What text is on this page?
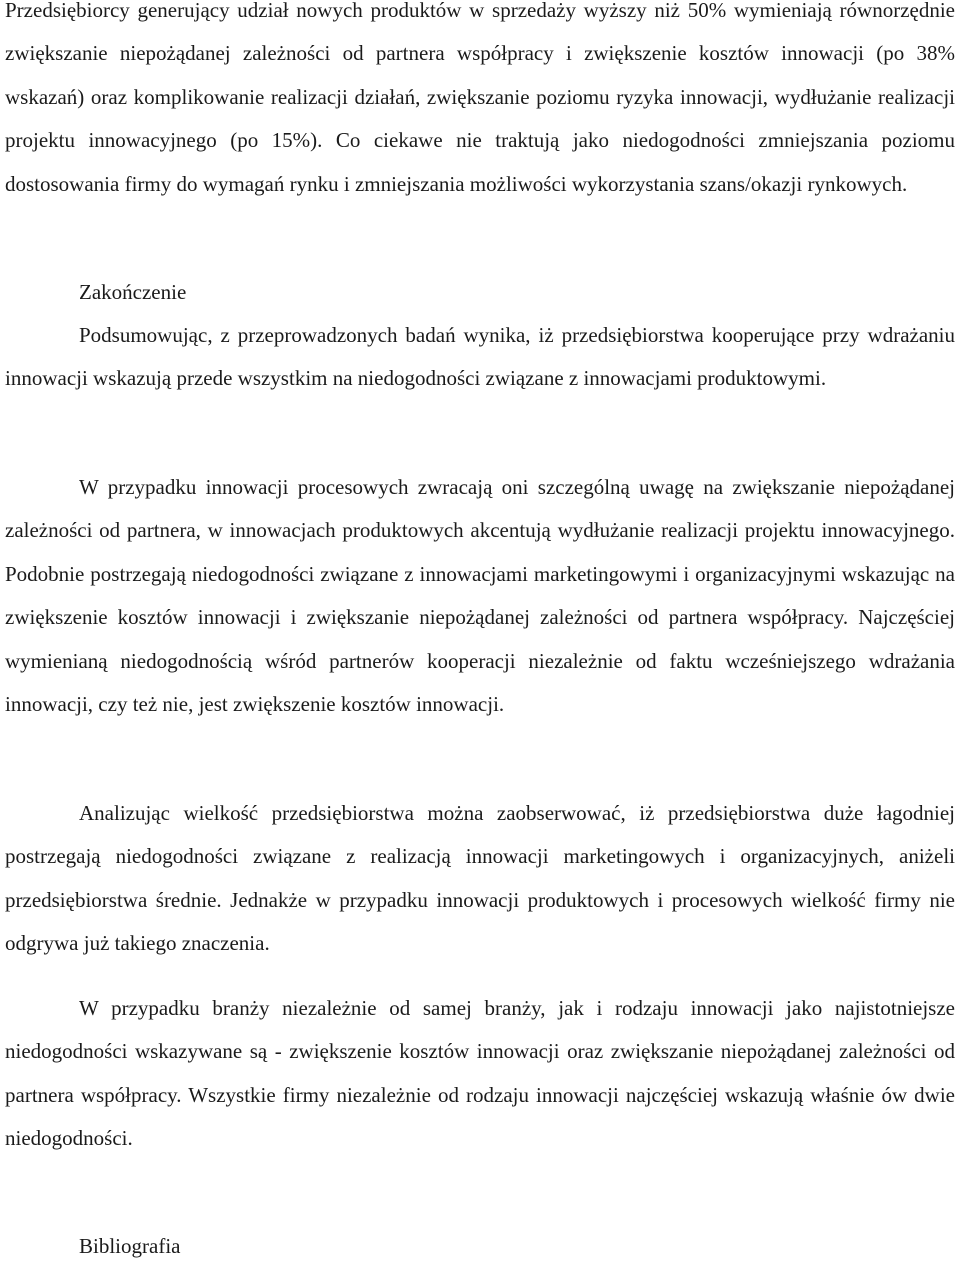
Przedsiębiorcy generujący udział nowych produktów w sprzedaży wyższy niż 50% wymieniają równorzędnie zwiększanie niepożądanej zależności od partnera współpracy i zwiększenie kosztów innowacji (po 38% wskazań) oraz komplikowanie realizacji działań, zwiększanie poziomu ryzyka innowacji, wydłużanie realizacji projektu innowacyjnego (po 15%). Co ciekawe nie traktują jako niedogodności zmniejszania poziomu dostosowania firmy do wymagań rynku i zmniejszania możliwości wykorzystania szans/okazji rynkowych.

Zakończenie

Podsumowując, z przeprowadzonych badań wynika, iż przedsiębiorstwa kooperujące przy wdrażaniu innowacji wskazują przede wszystkim na niedogodności związane z innowacjami produktowymi.

W przypadku innowacji procesowych zwracają oni szczególną uwagę na zwiększanie niepożądanej zależności od partnera, w innowacjach produktowych akcentują wydłużanie realizacji projektu innowacyjnego. Podobnie postrzegają niedogodności związane z innowacjami marketingowymi i organizacyjnymi wskazując na zwiększenie kosztów innowacji i zwiększanie niepożądanej zależności od partnera współpracy. Najczęściej wymienianą niedogodnością wśród partnerów kooperacji niezależnie od faktu wcześniejszego wdrażania innowacji, czy też nie, jest zwiększenie kosztów innowacji.

Analizując wielkość przedsiębiorstwa można zaobserwować, iż przedsiębiorstwa duże łagodniej postrzegają niedogodności związane z realizacją innowacji marketingowych i organizacyjnych, aniżeli przedsiębiorstwa średnie. Jednakże w przypadku innowacji produktowych i procesowych wielkość firmy nie odgrywa już takiego znaczenia.

W przypadku branży niezależnie od samej branży, jak i rodzaju innowacji jako najistotniejsze niedogodności wskazywane są - zwiększenie kosztów innowacji oraz zwiększanie niepożądanej zależności od partnera współpracy. Wszystkie firmy niezależnie od rodzaju innowacji najczęściej wskazują właśnie ów dwie niedogodności.

Bibliografia
